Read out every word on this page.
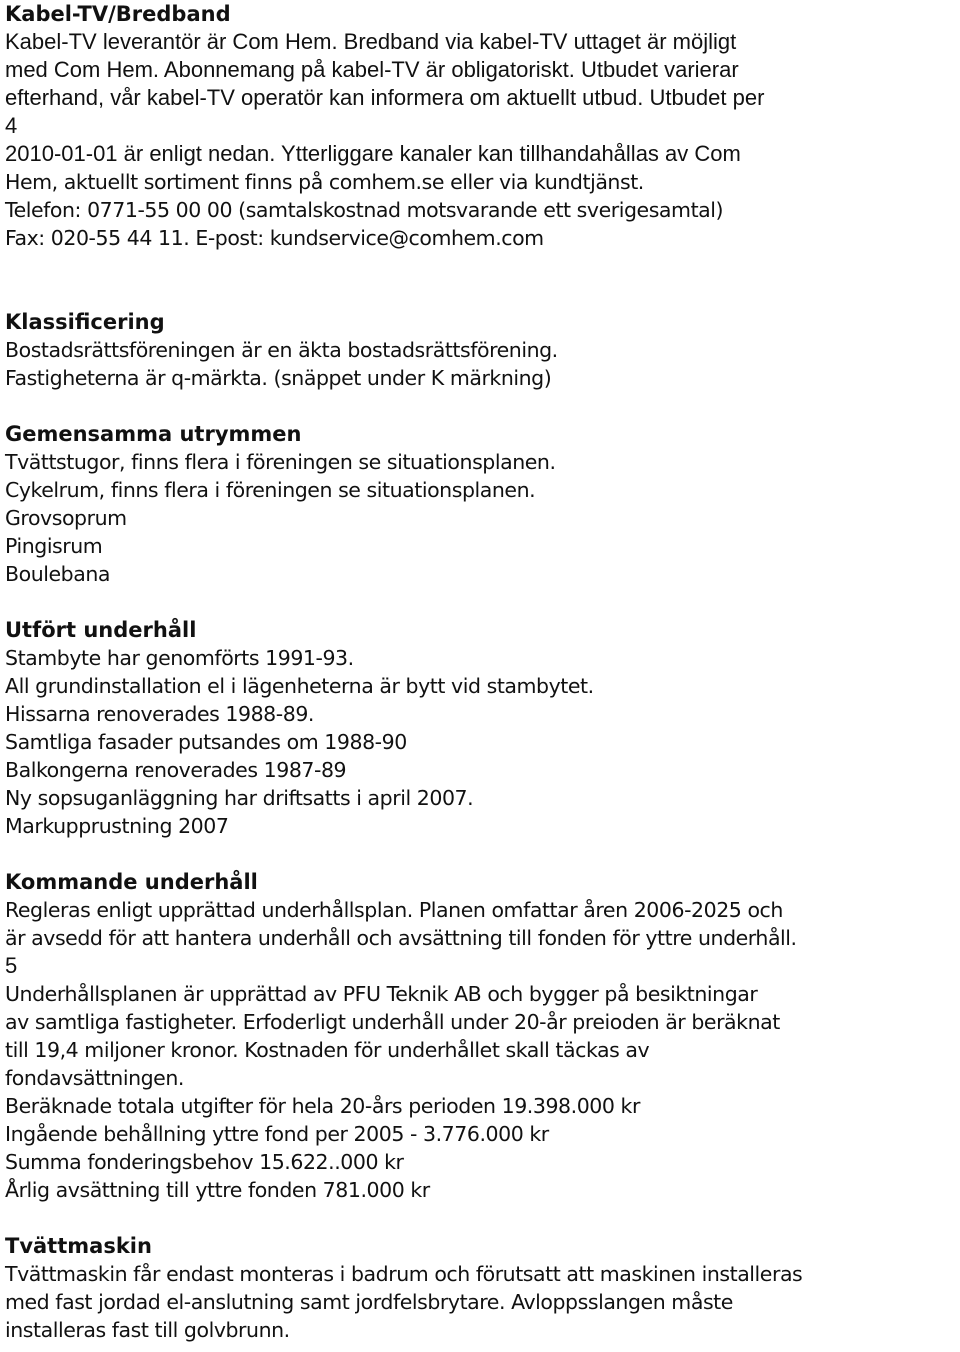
Kabel-TV/Bredband
Kabel-TV leverantör är Com Hem. Bredband via kabel-TV uttaget är möjligt
med Com Hem. Abonnemang på kabel-TV är obligatoriskt. Utbudet varierar
efterhand, vår kabel-TV operatör kan informera om aktuellt utbud. Utbudet per
4
2010-01-01 är enligt nedan. Ytterliggare kanaler kan tillhandahållas av Com
Hem, aktuellt sortiment finns på comhem.se eller via kundtjänst.
Telefon: 0771-55 00 00 (samtalskostnad motsvarande ett sverigesamtal)
Fax: 020-55 44 11. E-post: kundservice@comhem.com
Klassificering
Bostadsrättsföreningen är en äkta bostadsrättsförening.
Fastigheterna är q-märkta. (snäppet under K märkning)
Gemensamma utrymmen
Tvättstugor, finns flera i föreningen se situationsplanen.
Cykelrum, finns flera i föreningen se situationsplanen.
Grovsoprum
Pingisrum
Boulebana
Utfört underhåll
Stambyte har genomförts 1991-93.
All grundinstallation el i lägenheterna är bytt vid stambytet.
Hissarna renoverades 1988-89.
Samtliga fasader putsandes om 1988-90
Balkongerna renoverades 1987-89
Ny sopsuganläggning har driftsatts i april 2007.
Markupprustning 2007
Kommande underhåll
Regleras enligt upprättad underhållsplan. Planen omfattar åren 2006-2025 och
är avsedd för att hantera underhåll och avsättning till fonden för yttre underhåll.
5
Underhållsplanen är upprättad av PFU Teknik AB och bygger på besiktningar
av samtliga fastigheter. Erfoderligt underhåll under 20-år preioden är beräknat
till 19,4 miljoner kronor. Kostnaden för underhållet skall täckas av
fondavsättningen.
Beräknade totala utgifter för hela 20-års perioden 19.398.000 kr
Ingående behållning yttre fond per 2005 - 3.776.000 kr
Summa fonderingsbehov 15.622..000 kr
Årlig avsättning till yttre fonden 781.000 kr
Tvättmaskin
Tvättmaskin får endast monteras i badrum och förutsatt att maskinen installeras
med fast jordad el-anslutning samt jordfelsbrytare. Avloppsslangen måste
installeras fast till golvbrunn.
